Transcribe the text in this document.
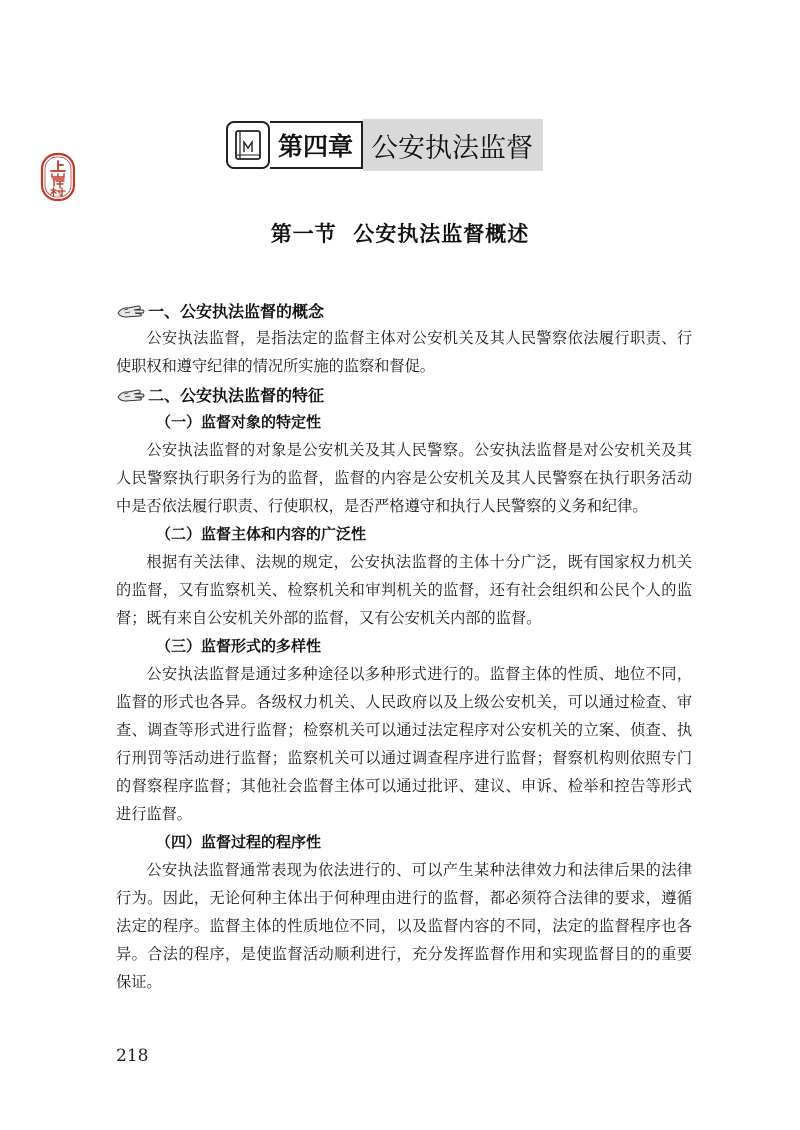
第四章 公安执法监督
第一节  公安执法监督概述
一、公安执法监督的概念

公安执法监督，是指法定的监督主体对公安机关及其人民警察依法履行职责、行使职权和遵守纪律的情况所实施的监察和督促。

二、公安执法监督的特征
（一）监督对象的特定性

公安执法监督的对象是公安机关及其人民警察。公安执法监督是对公安机关及其人民警察执行职务行为的监督，监督的内容是公安机关及其人民警察在执行职务活动中是否依法履行职责、行使职权，是否严格遵守和执行人民警察的义务和纪律。

（二）监督主体和内容的广泛性

根据有关法律、法规的规定，公安执法监督的主体十分广泛，既有国家权力机关的监督，又有监察机关、检察机关和审判机关的监督，还有社会组织和公民个人的监督；既有来自公安机关外部的监督，又有公安机关内部的监督。

（三）监督形式的多样性

公安执法监督是通过多种途径以多种形式进行的。监督主体的性质、地位不同，监督的形式也各异。各级权力机关、人民政府以及上级公安机关，可以通过检查、审查、调查等形式进行监督；检察机关可以通过法定程序对公安机关的立案、侦查、执行刑罚等活动进行监督；监察机关可以通过调查程序进行监督；督察机构则依照专门的督察程序监督；其他社会监督主体可以通过批评、建议、申诉、检举和控告等形式进行监督。

（四）监督过程的程序性

公安执法监督通常表现为依法进行的、可以产生某种法律效力和法律后果的法律行为。因此，无论何种主体出于何种理由进行的监督，都必须符合法律的要求，遵循法定的程序。监督主体的性质地位不同，以及监督内容的不同，法定的监督程序也各异。合法的程序，是使监督活动顺利进行，充分发挥监督作用和实现监督目的的重要保证。

218
